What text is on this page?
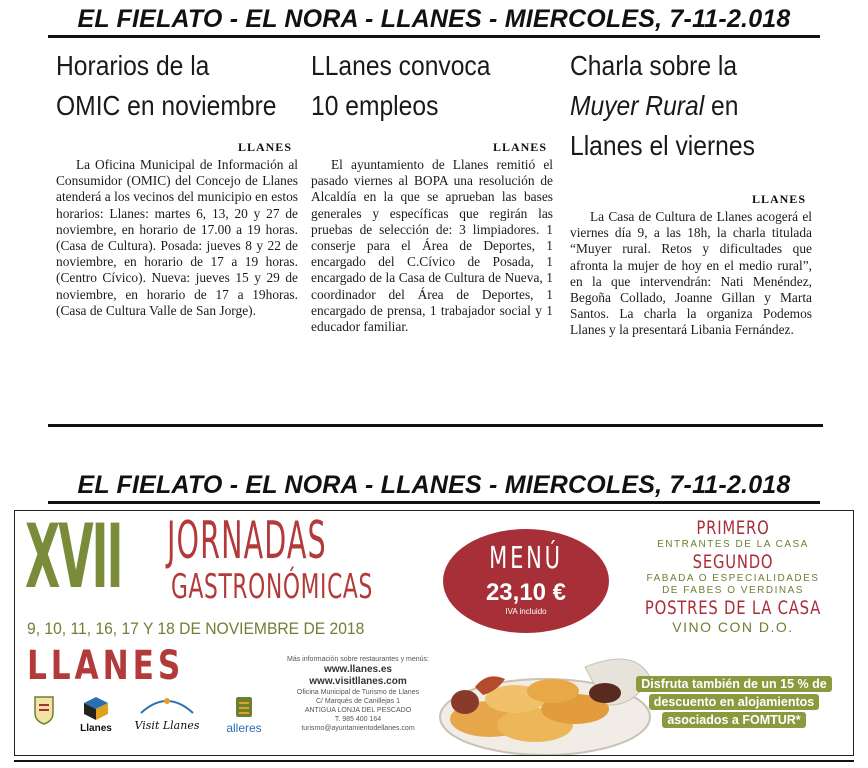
EL FIELATO - EL NORA - LLANES - MIERCOLES, 7-11-2.018
Horarios de la
OMIC en noviembre
LLANES

La Oficina Municipal de Información al Consumidor (OMIC) del Concejo de Llanes atenderá a los vecinos del municipio en estos horarios: Llanes: martes 6, 13, 20 y 27 de noviembre, en horario de 17.00 a 19 horas. (Casa de Cultura). Posada: jueves 8 y 22 de noviembre, en horario de 17 a 19 horas. (Centro Cívico). Nueva: jueves 15 y 29 de noviembre, en horario de 17 a 19horas. (Casa de Cultura Valle de San Jorge).

LLanes convoca
10 empleos
LLANES

El ayuntamiento de Llanes remitió el pasado viernes al BOPA una resolución de Alcaldía en la que se aprueban las bases generales y específicas que regirán las pruebas de selección de: 3 limpiadores. 1 conserje para el Área de Deportes, 1 encargado del C.Cívico de Posada, 1 encargado de la Casa de Cultura de Nueva, 1 coordinador del Área de Deportes, 1 encargado de prensa, 1 trabajador social y 1 educador familiar.

Charla sobre la
Muyer Rural en
Llanes el viernes
LLANES

La Casa de Cultura de Llanes acogerá el viernes día 9, a las 18h, la charla titulada “Muyer rural. Retos y dificultades que afronta la mujer de hoy en el medio rural”, en la que intervendrán: Nati Menéndez, Begoña Collado, Joanne Gillan y Marta Santos. La charla la organiza Podemos Llanes y la presentará Libania Fernández.

EL FIELATO - EL NORA - LLANES - MIERCOLES, 7-11-2.018
XVII JORNADAS
GASTRONÓMICAS
9, 10, 11, 16, 17 Y 18 DE NOVIEMBRE DE 2018
LLANES
Llanes	Visit Llanes	alleres
Más información sobre restaurantes y menús:
www.llanes.es
www.visitllanes.com
Oficina Municipal de Turismo de Llanes
C/ Marqués de Canillejas 1
ANTIGUA LONJA DEL PESCADO
T. 985 400 164
turismo@ayuntamientodellanes.com
MENÚ
23,10 €
IVA incluido
PRIMERO
ENTRANTES DE LA CASA
SEGUNDO
FABADA O ESPECIALIDADES
DE FABES O VERDINAS
POSTRES DE LA CASA
VINO CON D.O.
Disfruta también de un 15 % de descuento en alojamientos asociados a FOMTUR*
